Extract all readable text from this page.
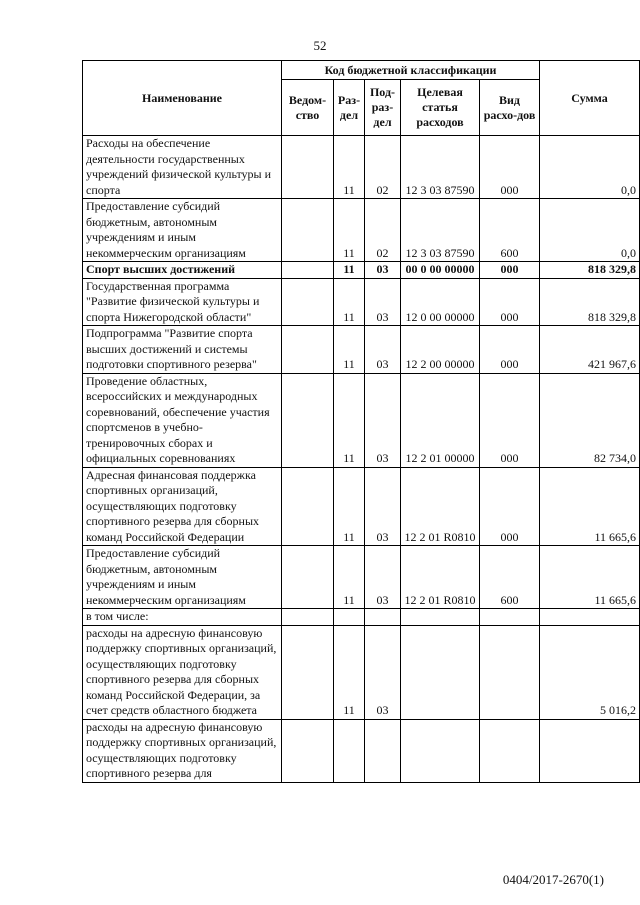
52
Наименование	Код бюджетной классификации					Сумма
	Ведом-ство	Раз-дел	Под-раз-дел	Целевая статья расходов	Вид расхо-дов	
Расходы на обеспечение деятельности государственных учреждений физической культуры и спорта		11	02	12 3 03 87590	000	0,0
Предоставление субсидий бюджетным, автономным учреждениям и иным некоммерческим организациям		11	02	12 3 03 87590	600	0,0
Спорт высших достижений		11	03	00 0 00 00000	000	818 329,8
Государственная программа "Развитие физической культуры и спорта Нижегородской области"		11	03	12 0 00 00000	000	818 329,8
Подпрограмма "Развитие спорта высших достижений и системы подготовки спортивного резерва"		11	03	12 2 00 00000	000	421 967,6
Проведение областных, всероссийских и международных соревнований, обеспечение участия спортсменов в учебно-тренировочных сборах и официальных соревнованиях		11	03	12 2 01 00000	000	82 734,0
Адресная финансовая поддержка спортивных организаций, осуществляющих подготовку спортивного резерва для сборных команд Российской Федерации		11	03	12 2 01 R0810	000	11 665,6
Предоставление субсидий бюджетным, автономным учреждениям и иным некоммерческим организациям		11	03	12 2 01 R0810	600	11 665,6
в том числе:						
расходы на адресную финансовую поддержку спортивных организаций, осуществляющих подготовку спортивного резерва для сборных команд Российской Федерации, за счет средств областного бюджета		11	03			5 016,2
расходы на адресную финансовую поддержку спортивных организаций, осуществляющих подготовку спортивного резерва для						
0404/2017-2670(1)
